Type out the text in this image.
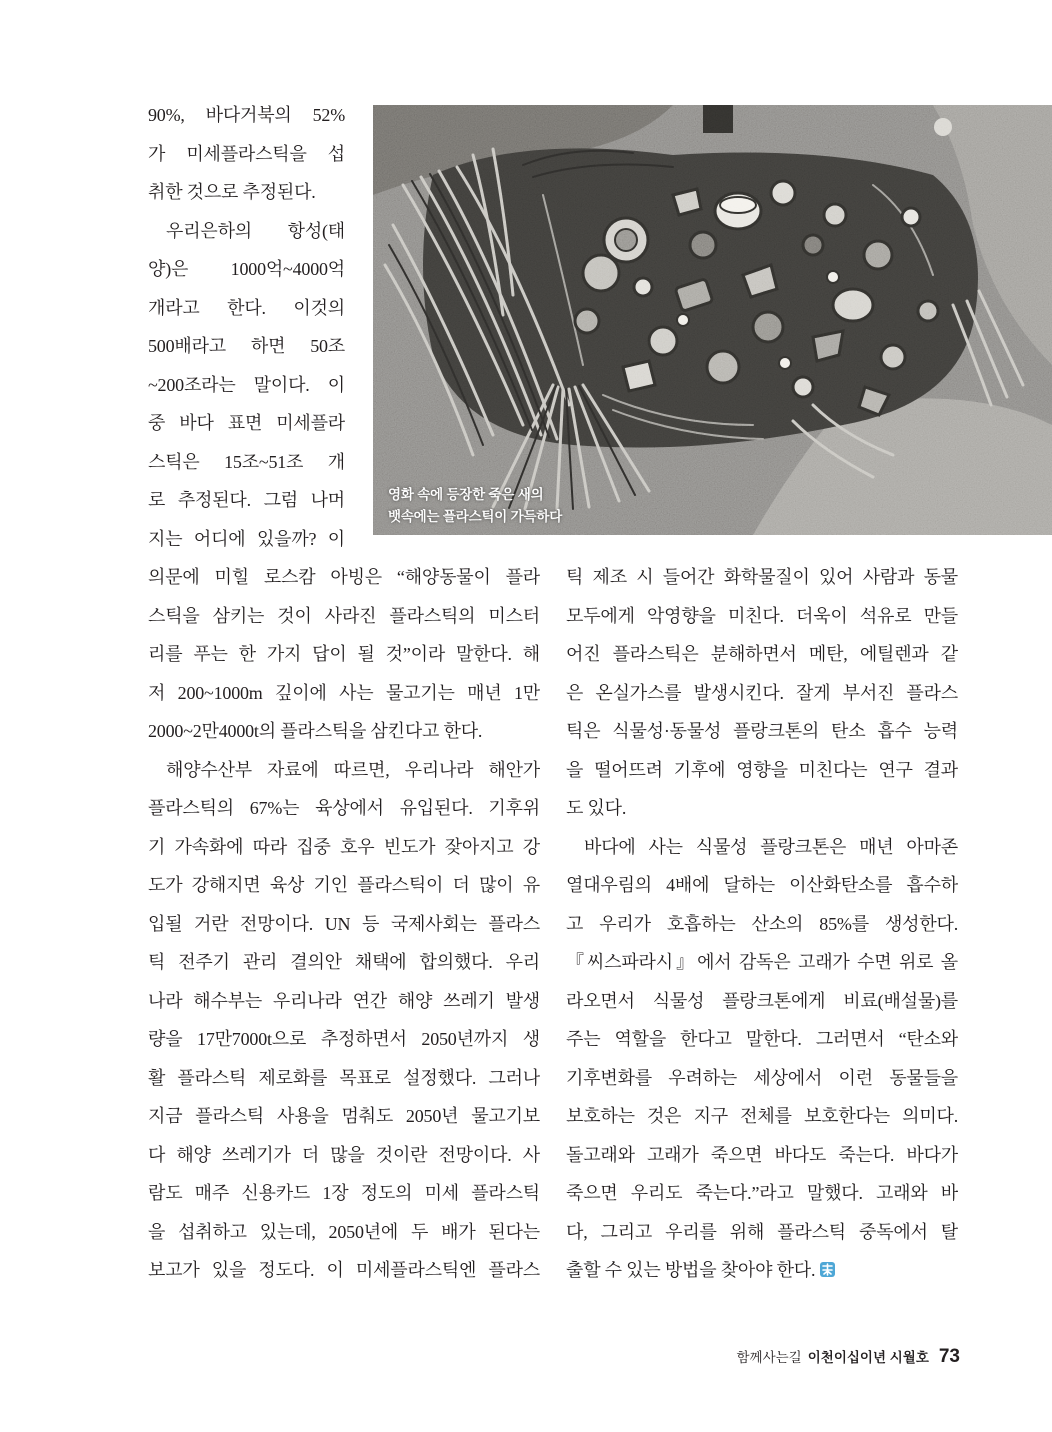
영화 속에 등장한 죽은 새의
뱃속에는 플라스틱이 가득하다
90%, 바다거북의 52%
가 미세플라스틱을 섭
취한 것으로 추정된다.
우리은하의 항성(태
양)은 1000억~4000억
개라고 한다. 이것의
500배라고 하면 50조
~200조라는 말이다. 이
중 바다 표면 미세플라
스틱은 15조~51조 개
로 추정된다. 그럼 나머
지는 어디에 있을까? 이
의문에 미힐 로스캄 아빙은 “해양동물이 플라
스틱을 삼키는 것이 사라진 플라스틱의 미스터
리를 푸는 한 가지 답이 될 것”이라 말한다. 해
저 200~1000m 깊이에 사는 물고기는 매년 1만
2000~2만4000t의 플라스틱을 삼킨다고 한다.
해양수산부 자료에 따르면, 우리나라 해안가
플라스틱의 67%는 육상에서 유입된다. 기후위
기 가속화에 따라 집중 호우 빈도가 잦아지고 강
도가 강해지면 육상 기인 플라스틱이 더 많이 유
입될 거란 전망이다. UN 등 국제사회는 플라스
틱 전주기 관리 결의안 채택에 합의했다. 우리
나라 해수부는 우리나라 연간 해양 쓰레기 발생
량을 17만7000t으로 추정하면서 2050년까지 생
활 플라스틱 제로화를 목표로 설정했다. 그러나
지금 플라스틱 사용을 멈춰도 2050년 물고기보
다 해양 쓰레기가 더 많을 것이란 전망이다. 사
람도 매주 신용카드 1장 정도의 미세 플라스틱
을 섭취하고 있는데, 2050년에 두 배가 된다는
보고가 있을 정도다. 이 미세플라스틱엔 플라스
틱 제조 시 들어간 화학물질이 있어 사람과 동물
모두에게 악영향을 미친다. 더욱이 석유로 만들
어진 플라스틱은 분해하면서 메탄, 에틸렌과 같
은 온실가스를 발생시킨다. 잘게 부서진 플라스
틱은 식물성·동물성 플랑크톤의 탄소 흡수 능력
을 떨어뜨려 기후에 영향을 미친다는 연구 결과
도 있다.
바다에 사는 식물성 플랑크톤은 매년 아마존
열대우림의 4배에 달하는 이산화탄소를 흡수하
고 우리가 호흡하는 산소의 85%를 생성한다.
『씨스파라시』에서 감독은 고래가 수면 위로 올
라오면서 식물성 플랑크톤에게 비료(배설물)를
주는 역할을 한다고 말한다. 그러면서 “탄소와
기후변화를 우려하는 세상에서 이런 동물들을
보호하는 것은 지구 전체를 보호한다는 의미다.
돌고래와 고래가 죽으면 바다도 죽는다. 바다가
죽으면 우리도 죽는다.”라고 말했다. 고래와 바
다, 그리고 우리를 위해 플라스틱 중독에서 탈
출할 수 있는 방법을 찾아야 한다.
함께사는길 이천이십이년 시월호 73
